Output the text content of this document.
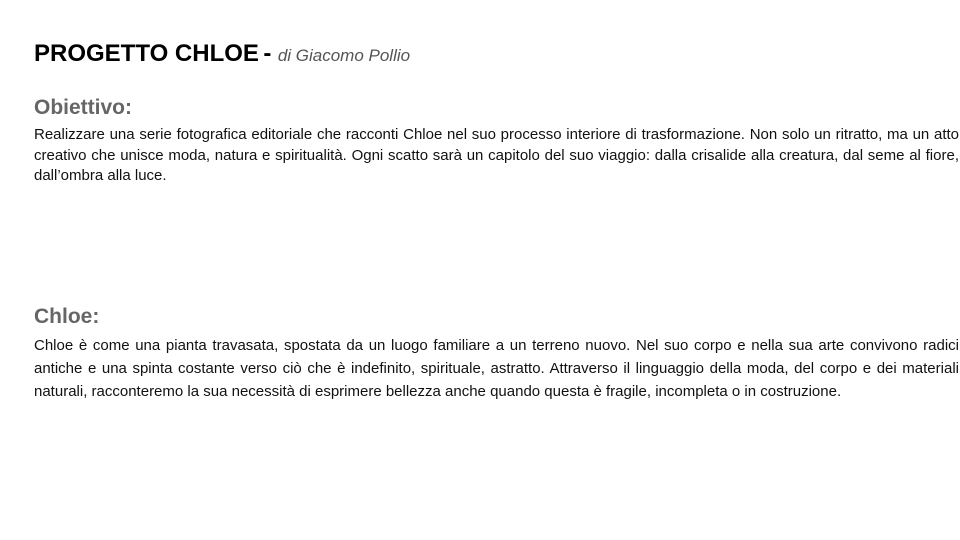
PROGETTO CHLOE - di Giacomo Pollio
Obiettivo:
Realizzare una serie fotografica editoriale che racconti Chloe nel suo processo interiore di trasformazione. Non solo un ritratto, ma un atto creativo che unisce moda, natura e spiritualità. Ogni scatto sarà un capitolo del suo viaggio: dalla crisalide alla creatura, dal seme al fiore, dall’ombra alla luce.
Chloe:
Chloe è come una pianta travasata, spostata da un luogo familiare a un terreno nuovo. Nel suo corpo e nella sua arte convivono radici antiche e una spinta costante verso ciò che è indefinito, spirituale, astratto. Attraverso il linguaggio della moda, del corpo e dei materiali naturali, racconteremo la sua necessità di esprimere bellezza anche quando questa è fragile, incompleta o in costruzione.
